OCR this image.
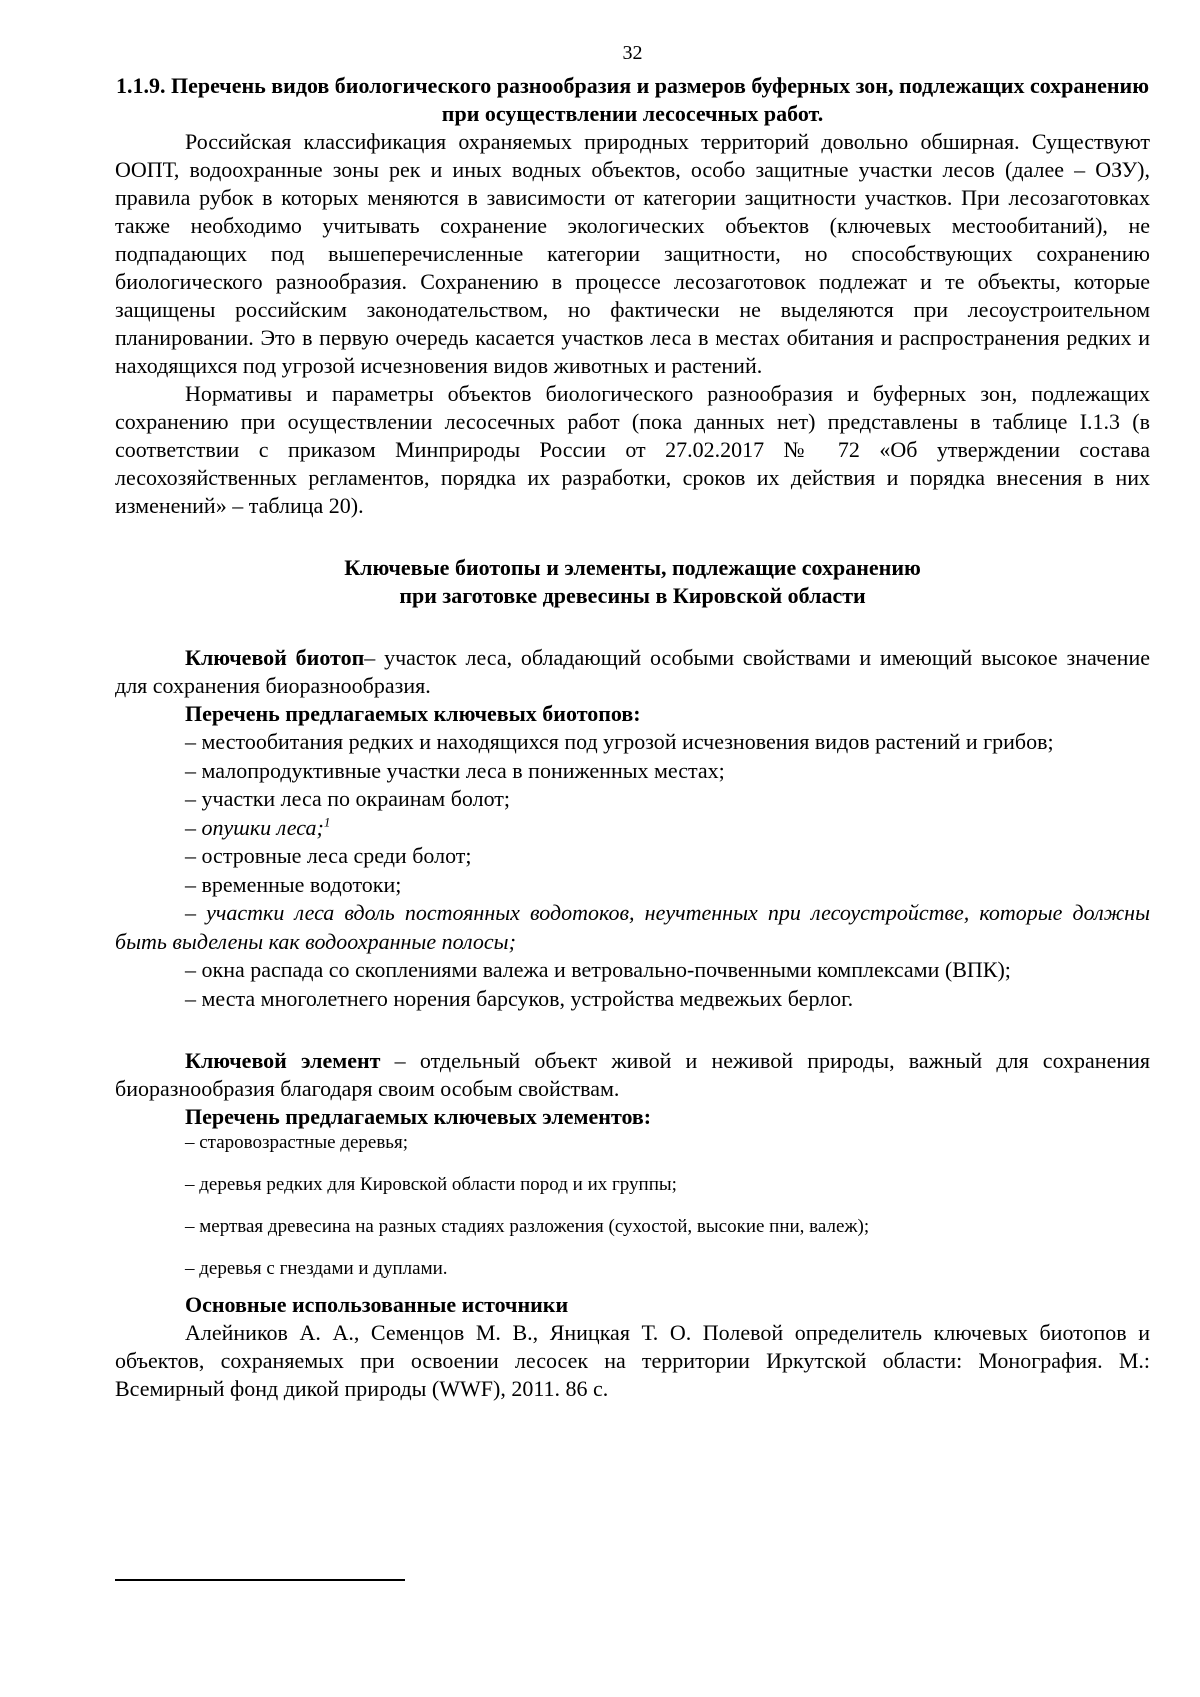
32

1.1.9. Перечень видов биологического разнообразия и размеров буферных зон, подлежащих сохранению при осуществлении лесосечных работ.

Российская классификация охраняемых природных территорий довольно обширная. Существуют ООПТ, водоохранные зоны рек и иных водных объектов, особо защитные участки лесов (далее – ОЗУ), правила рубок в которых меняются в зависимости от категории защитности участков. При лесозаготовках также необходимо учитывать сохранение экологических объектов (ключевых местообитаний), не подпадающих под вышеперечисленные категории защитности, но способствующих сохранению биологического разнообразия. Сохранению в процессе лесозаготовок подлежат и те объекты, которые защищены российским законодательством, но фактически не выделяются при лесоустроительном планировании. Это в первую очередь касается участков леса в местах обитания и распространения редких и находящихся под угрозой исчезновения видов животных и растений.

Нормативы и параметры объектов биологического разнообразия и буферных зон, подлежащих сохранению при осуществлении лесосечных работ (пока данных нет) представлены в таблице I.1.3 (в соответствии с приказом Минприроды России от 27.02.2017 № 72 «Об утверждении состава лесохозяйственных регламентов, порядка их разработки, сроков их действия и порядка внесения в них изменений» – таблица 20).

Ключевые биотопы и элементы, подлежащие сохранению

при заготовке древесины в Кировской области

Ключевой биотоп– участок леса, обладающий особыми свойствами и имеющий высокое значение для сохранения биоразнообразия.

Перечень предлагаемых ключевых биотопов:

– местообитания редких и находящихся под угрозой исчезновения видов растений и грибов;
– малопродуктивные участки леса в пониженных местах;
– участки леса по окраинам болот;
– опушки леса;$^1$
– островные леса среди болот;
– временные водотоки;

– участки леса вдоль постоянных водотоков, неучтенных при лесоустройстве, которые должны быть выделены как водоохранные полосы;

– окна распада со скоплениями валежа и ветровально-почвенными комплексами (ВПК);
– места многолетнего норения барсуков, устройства медвежьих берлог.

Ключевой элемент – отдельный объект живой и неживой природы, важный для сохранения биоразнообразия благодаря своим особым свойствам.

Перечень предлагаемых ключевых элементов:

– старовозрастные деревья;
– деревья редких для Кировской области пород и их группы;
– мертвая древесина на разных стадиях разложения (сухостой, высокие пни, валеж);
– деревья с гнездами и дуплами.

Основные использованные источники

Алейников А. А., Семенцов М. В., Яницкая Т. О. Полевой определитель ключевых биотопов и объектов, сохраняемых при освоении лесосек на территории Иркутской области: Монография. М.: Всемирный фонд дикой природы (WWF), 2011. 86 с.
